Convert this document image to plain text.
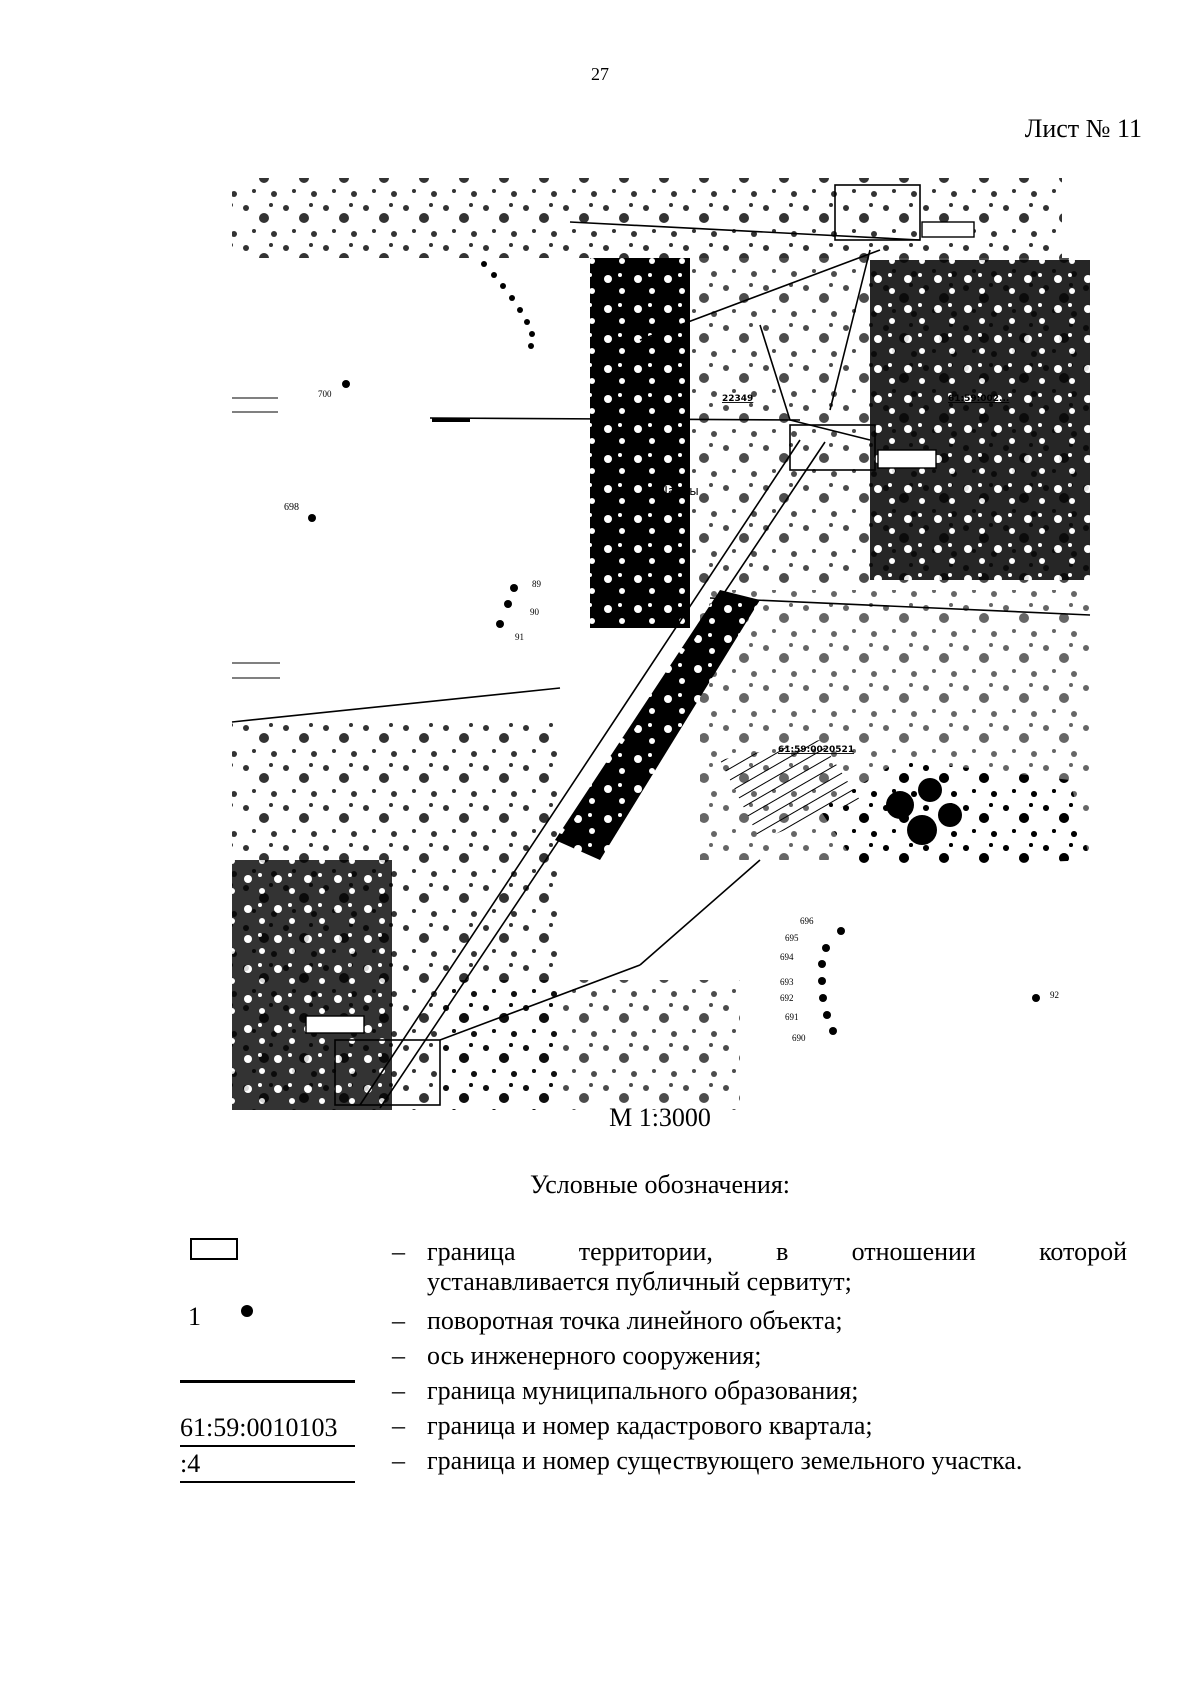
27
Лист № 11
Шахты
61:59:0020521
61:59:002...
22349
700
698
89
90
91
696
695
694
693
692
691
690
92
М 1:3000
Условные обозначения:
1
61:59:0010103
:4
– граница территории, в отношении которой
устанавливается публичный сервитут;
– поворотная точка линейного объекта;
– ось инженерного сооружения;
– граница муниципального образования;
– граница и номер кадастрового квартала;
– граница и номер существующего земельного участка.
